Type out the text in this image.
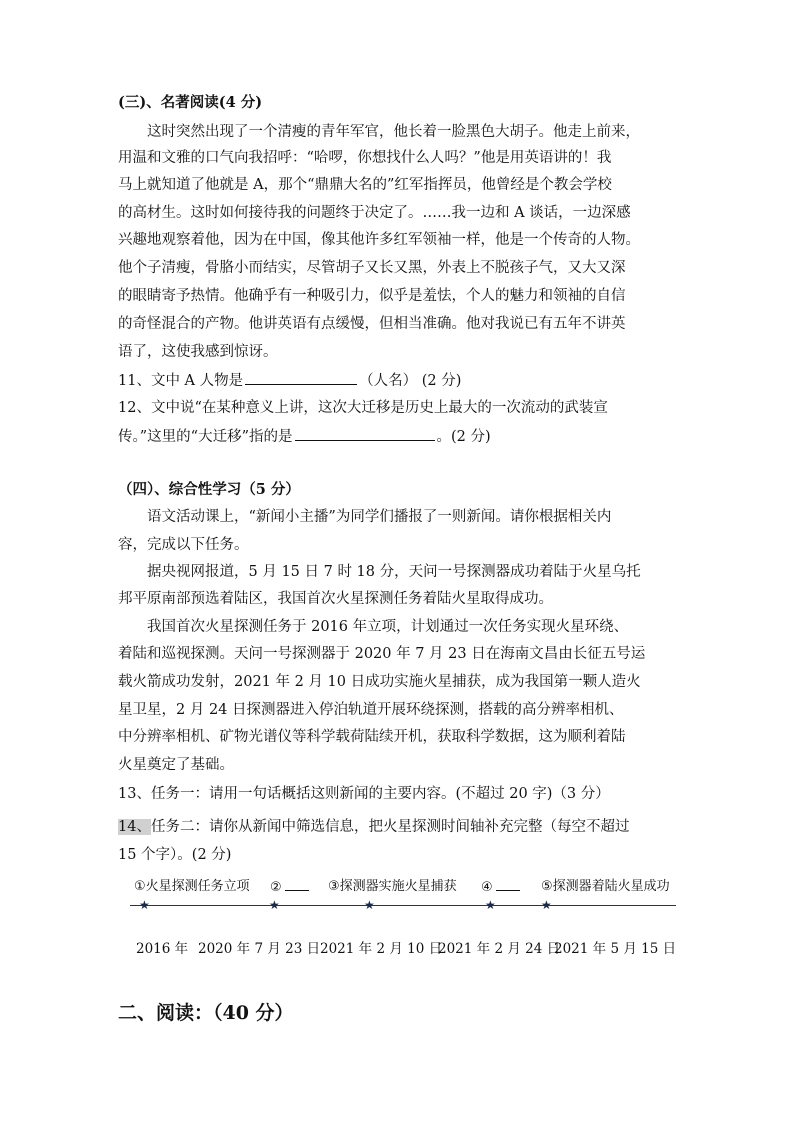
(三)、名著阅读(4 分)
这时突然出现了一个清瘦的青年军官，他长着一脸黑色大胡子。他走上前来，
用温和文雅的口气向我招呼：“哈啰，你想找什么人吗？”他是用英语讲的！我
马上就知道了他就是 A，那个“鼎鼎大名的”红军指挥员，他曾经是个教会学校
的高材生。这时如何接待我的问题终于决定了。……我一边和 A 谈话，一边深感
兴趣地观察着他，因为在中国，像其他许多红军领袖一样，他是一个传奇的人物。
他个子清瘦，骨胳小而结实，尽管胡子又长又黑，外表上不脱孩子气，又大又深
的眼睛寄予热情。他确乎有一种吸引力，似乎是羞怯，个人的魅力和领袖的自信
的奇怪混合的产物。他讲英语有点缓慢，但相当准确。他对我说已有五年不讲英
语了，这使我感到惊讶。
11、文中 A 人物是	（人名） (2 分)
12、文中说“在某种意义上讲，这次大迁移是历史上最大的一次流动的武装宣
传。”这里的“大迁移”指的是	。(2 分)
（四）、综合性学习（5 分）
语文活动课上，“新闻小主播”为同学们播报了一则新闻。请你根据相关内
容，完成以下任务。
据央视网报道，5 月 15 日 7 时 18 分，天问一号探测器成功着陆于火星乌托
邦平原南部预选着陆区，我国首次火星探测任务着陆火星取得成功。
我国首次火星探测任务于 2016 年立项，计划通过一次任务实现火星环绕、
着陆和巡视探测。天问一号探测器于 2020 年 7 月 23 日在海南文昌由长征五号运
载火箭成功发射，2021 年 2 月 10 日成功实施火星捕获，成为我国第一颗人造火
星卫星，2 月 24 日探测器进入停泊轨道开展环绕探测，搭载的高分辨率相机、
中分辨率相机、矿物光谱仪等科学载荷陆续开机，获取科学数据，这为顺利着陆
火星奠定了基础。
13、任务一：请用一句话概括这则新闻的主要内容。(不超过 20 字)（3 分）
14、任务二：请你从新闻中筛选信息，把火星探测时间轴补充完整（每空不超过
15 个字）。(2 分)
①火星探测任务立项 ②	③探测器实施火星捕获 ④	⑤探测器着陆火星成功
★	★	★	★	★
2016 年 2020 年 7 月 23 日 2021 年 2 月 10 日
2021 年 2 月 24 日
2021 年 5 月 15 日
二、阅读：（40 分）
